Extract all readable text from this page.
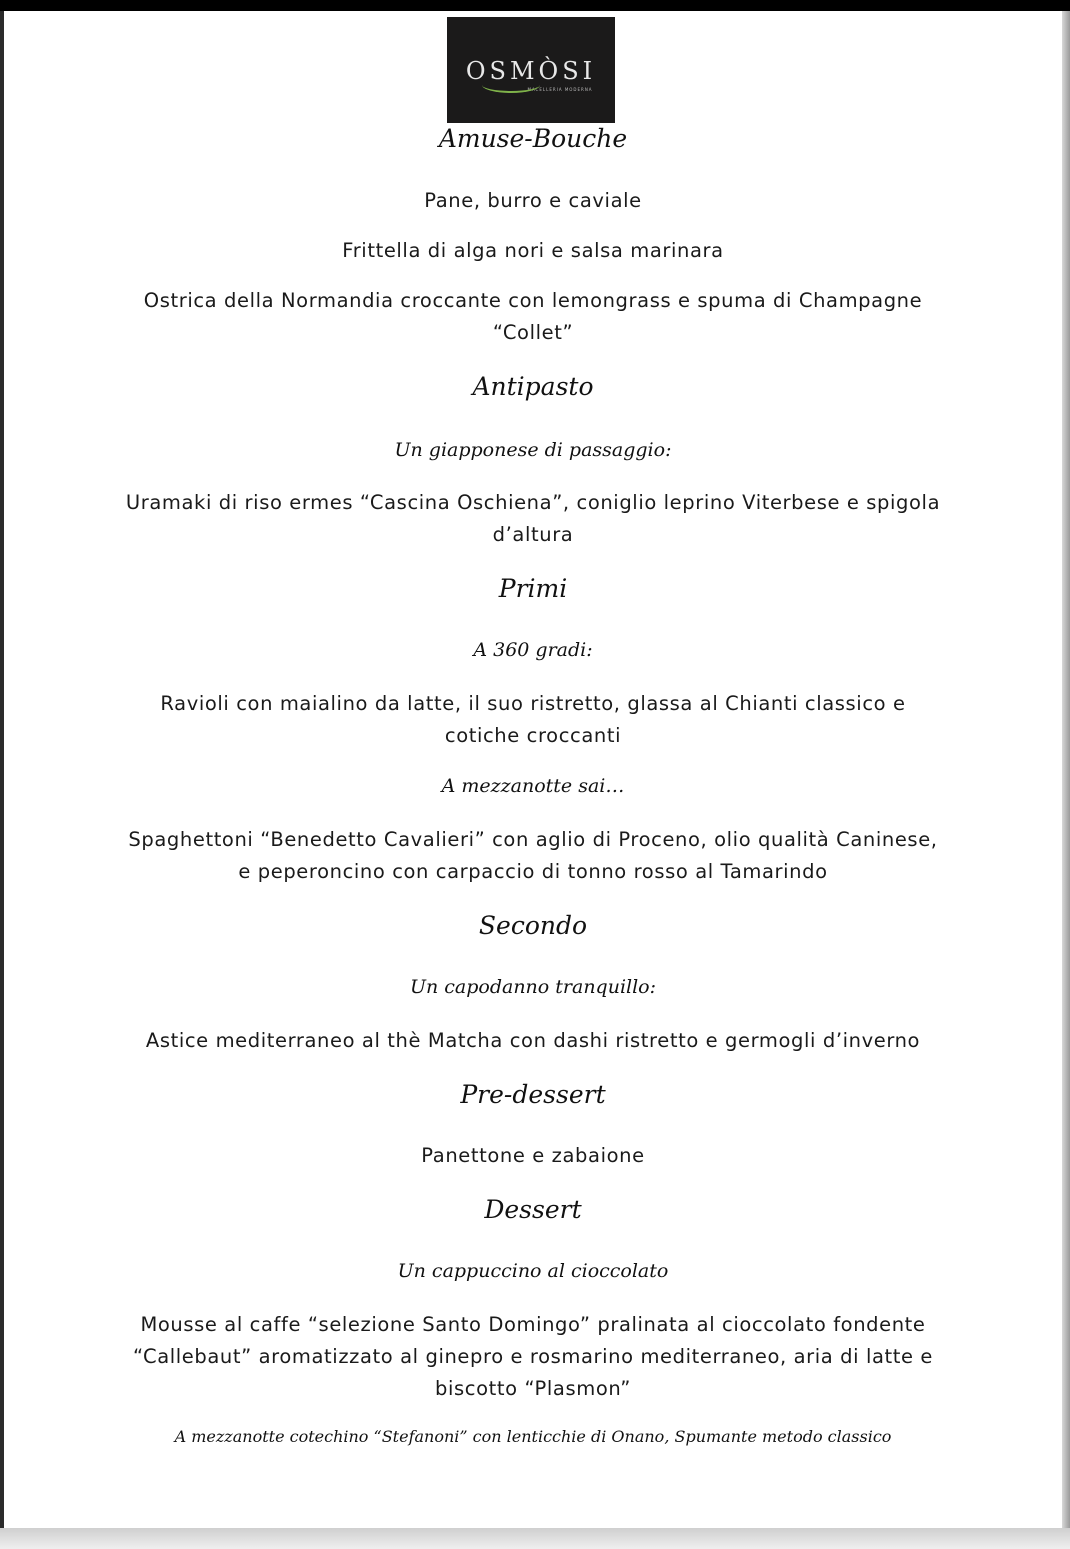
OSMÒSI
MACELLERIA MODERNA
Amuse-Bouche
Pane, burro e caviale
Frittella di alga nori e salsa marinara
Ostrica della Normandia croccante con lemongrass e spuma di Champagne
“Collet”
Antipasto
Un giapponese di passaggio:
Uramaki di riso ermes “Cascina Oschiena”, coniglio leprino Viterbese e spigola
d’altura
Primi
A 360 gradi:
Ravioli con maialino da latte, il suo ristretto, glassa al Chianti classico e
cotiche croccanti
A mezzanotte sai…
Spaghettoni “Benedetto Cavalieri” con aglio di Proceno, olio qualità Caninese,
e peperoncino con carpaccio di tonno rosso al Tamarindo
Secondo
Un capodanno tranquillo:
Astice mediterraneo al thè Matcha con dashi ristretto e germogli d’inverno
Pre-dessert
Panettone e zabaione
Dessert
Un cappuccino al cioccolato
Mousse al caffe “selezione Santo Domingo” pralinata al cioccolato fondente
“Callebaut” aromatizzato al ginepro e rosmarino mediterraneo, aria di latte e
biscotto “Plasmon”
A mezzanotte cotechino “Stefanoni” con lenticchie di Onano, Spumante metodo classico
